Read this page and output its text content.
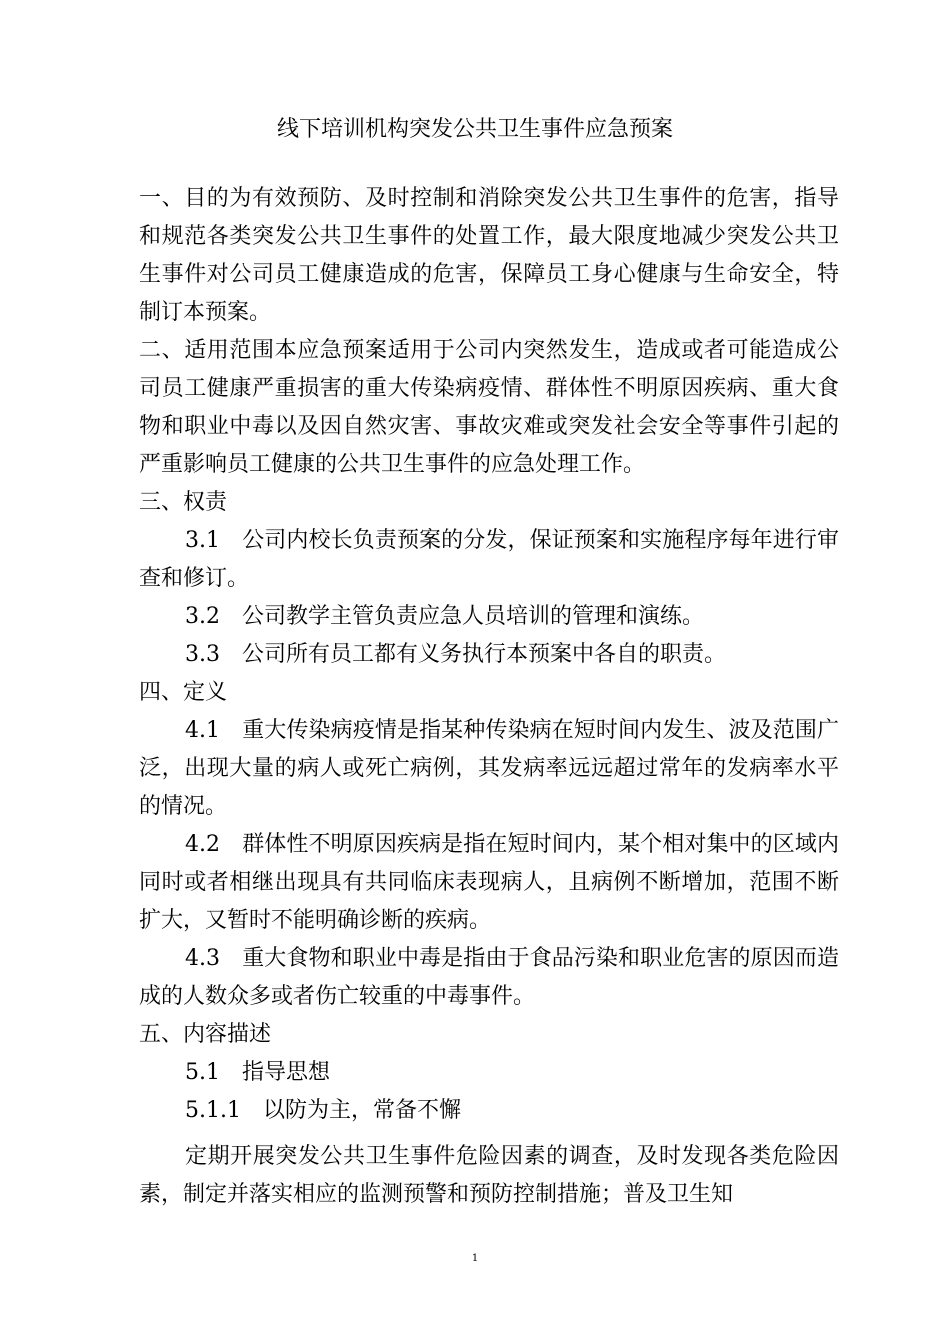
线下培训机构突发公共卫生事件应急预案

一、目的为有效预防、及时控制和消除突发公共卫生事件的危害，指导和规范各类突发公共卫生事件的处置工作，最大限度地减少突发公共卫生事件对公司员工健康造成的危害，保障员工身心健康与生命安全，特制订本预案。

二、适用范围本应急预案适用于公司内突然发生，造成或者可能造成公司员工健康严重损害的重大传染病疫情、群体性不明原因疾病、重大食物和职业中毒以及因自然灾害、事故灾难或突发社会安全等事件引起的严重影响员工健康的公共卫生事件的应急处理工作。

三、权责

3.1　公司内校长负责预案的分发，保证预案和实施程序每年进行审查和修订。

3.2　公司教学主管负责应急人员培训的管理和演练。

3.3　公司所有员工都有义务执行本预案中各自的职责。

四、定义

4.1　重大传染病疫情是指某种传染病在短时间内发生、波及范围广泛，出现大量的病人或死亡病例，其发病率远远超过常年的发病率水平的情况。

4.2　群体性不明原因疾病是指在短时间内，某个相对集中的区域内同时或者相继出现具有共同临床表现病人，且病例不断增加，范围不断扩大，又暂时不能明确诊断的疾病。

4.3　重大食物和职业中毒是指由于食品污染和职业危害的原因而造成的人数众多或者伤亡较重的中毒事件。

五、内容描述

5.1　指导思想

5.1.1　以防为主，常备不懈

定期开展突发公共卫生事件危险因素的调查，及时发现各类危险因素，制定并落实相应的监测预警和预防控制措施；普及卫生知

1
